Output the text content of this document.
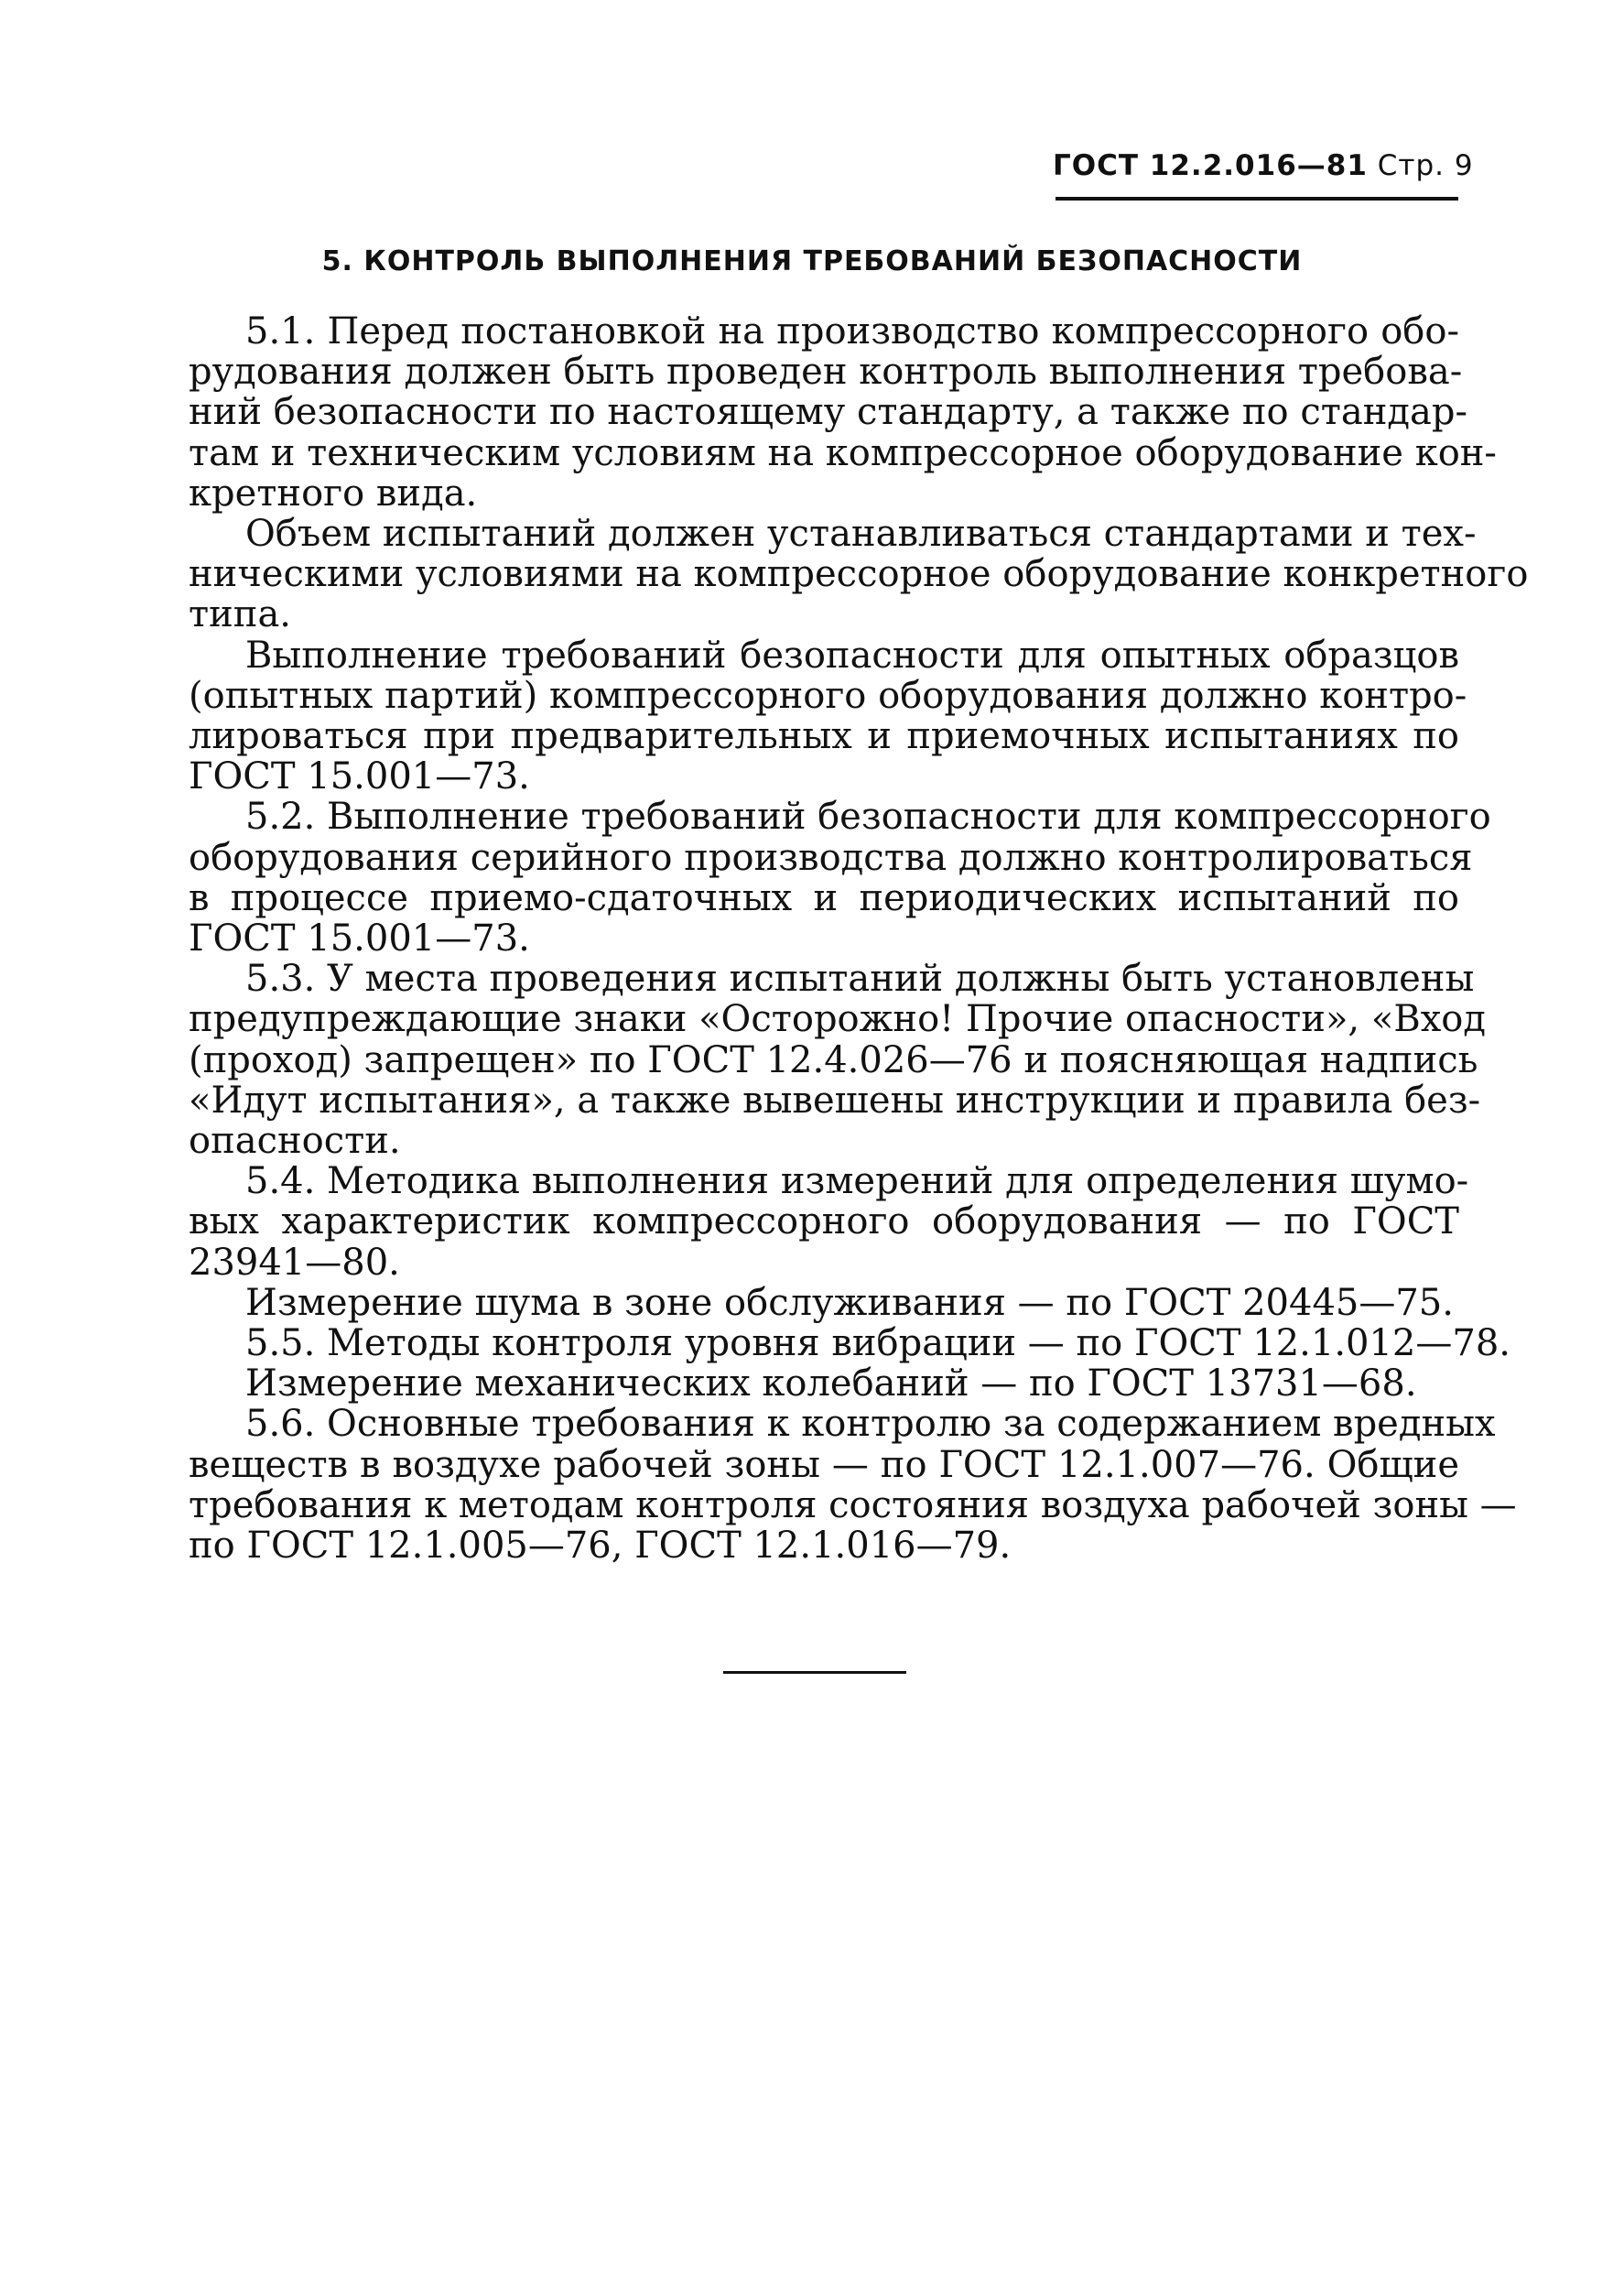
ГОСТ 12.2.016—81 Стр. 9
5. КОНТРОЛЬ ВЫПОЛНЕНИЯ ТРЕБОВАНИЙ БЕЗОПАСНОСТИ
5.1. Перед постановкой на производство компрессорного обо-
рудования должен быть проведен контроль выполнения требова-
ний безопасности по настоящему стандарту, а также по стандар-
там и техническим условиям на компрессорное оборудование кон-
кретного вида.
Объем испытаний должен устанавливаться стандартами и тех-
ническими условиями на компрессорное оборудование конкретного
типа.
Выполнение требований безопасности для опытных образцов
(опытных партий) компрессорного оборудования должно контро-
лироваться при предварительных и приемочных испытаниях по
ГОСТ 15.001—73.
5.2. Выполнение требований безопасности для компрессорного
оборудования серийного производства должно контролироваться
в процессе приемо-сдаточных и периодических испытаний по
ГОСТ 15.001—73.
5.3. У места проведения испытаний должны быть установлены
предупреждающие знаки «Осторожно! Прочие опасности», «Вход
(проход) запрещен» по ГОСТ 12.4.026—76 и поясняющая надпись
«Идут испытания», а также вывешены инструкции и правила без-
опасности.
5.4. Методика выполнения измерений для определения шумо-
вых характеристик компрессорного оборудования — по ГОСТ
23941—80.
Измерение шума в зоне обслуживания — по ГОСТ 20445—75.
5.5. Методы контроля уровня вибрации — по ГОСТ 12.1.012—78.
Измерение механических колебаний — по ГОСТ 13731—68.
5.6. Основные требования к контролю за содержанием вредных
веществ в воздухе рабочей зоны — по ГОСТ 12.1.007—76. Общие
требования к методам контроля состояния воздуха рабочей зоны —
по ГОСТ 12.1.005—76, ГОСТ 12.1.016—79.
